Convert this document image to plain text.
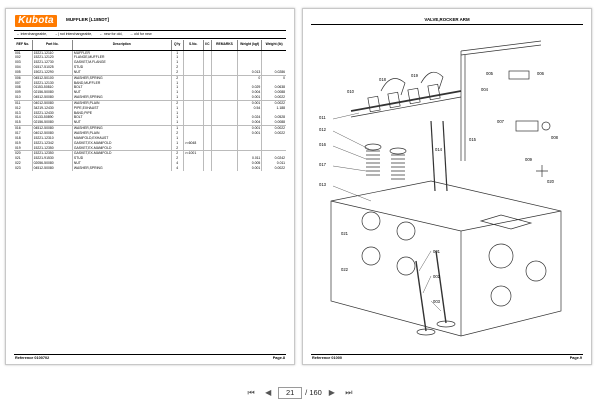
Kubota	MUFFLER [L185DT]
↔ interchangeable, →| not interchangeable, ← new for old, → old for new
REF No.	Part No.	Description	Q'ty	S.No.	I/C	REMARKS	Weight (kgf)	Weight (lb)
001	15221-12110	MUFFLER	1					
002	15221-12120	FLANGE,MUFFLER	1					
003	15221-12730	GASKET,M-FLANGE	1					
004	01517-51025	STUD	2					
005	15021-12290	NUT	2				0.013	0.0286
006	04512-50100	WASHER,SPRING	2				0	0
007	15221-12130	BAND,MUFFLER	1					
008	01153-50810	BOLT	1				0.029	0.0638
009	02156-50080	NUT	1				0.004	0.0088
010	04512-50080	WASHER,SPRING	1				0.001	0.0022
011	04012-50080	WASHER,PLAIN	2				0.001	0.0022
012	34219-12430	PIPE,EXHAUST	1				0.54	1.188
013	15221-12430	BAND,PIPE	1					
014	01133-50890	BOLT	1				0.024	0.0528
015	02156-50080	NUT	1				0.004	0.0088
016	04512-50080	WASHER,SPRING	1				0.001	0.0022
017	04012-50080	WASHER,PLAIN	2				0.001	0.0022
018	15221-12310	MANIFOLD,EXHAUST	1					
019	15221-12342	GASKET,EX-MANIFOLD	1	>=6048				
019	15221-12350	GASKET,EX-MANIFOLD	2					
020	15221-12350	GASKET,EX-MANIFOLD	2	>=1001				
021	15221-91530	STUD	2				0.011	0.0242
022	02056-50080	NUT	4				0.005	0.011
023	04512-50080	WASHER,SPRING	4				0.001	0.0022
Reference 0100702	Page.8
VALVE,ROCKER ARM
010
018
019
011
012
016
017
013
014
015
001
002
003
004
005	006
007
008
009
020
021
022
Reference 01000	Page.9
⏮ ◀
21	/ 160 ▶ ⏭
